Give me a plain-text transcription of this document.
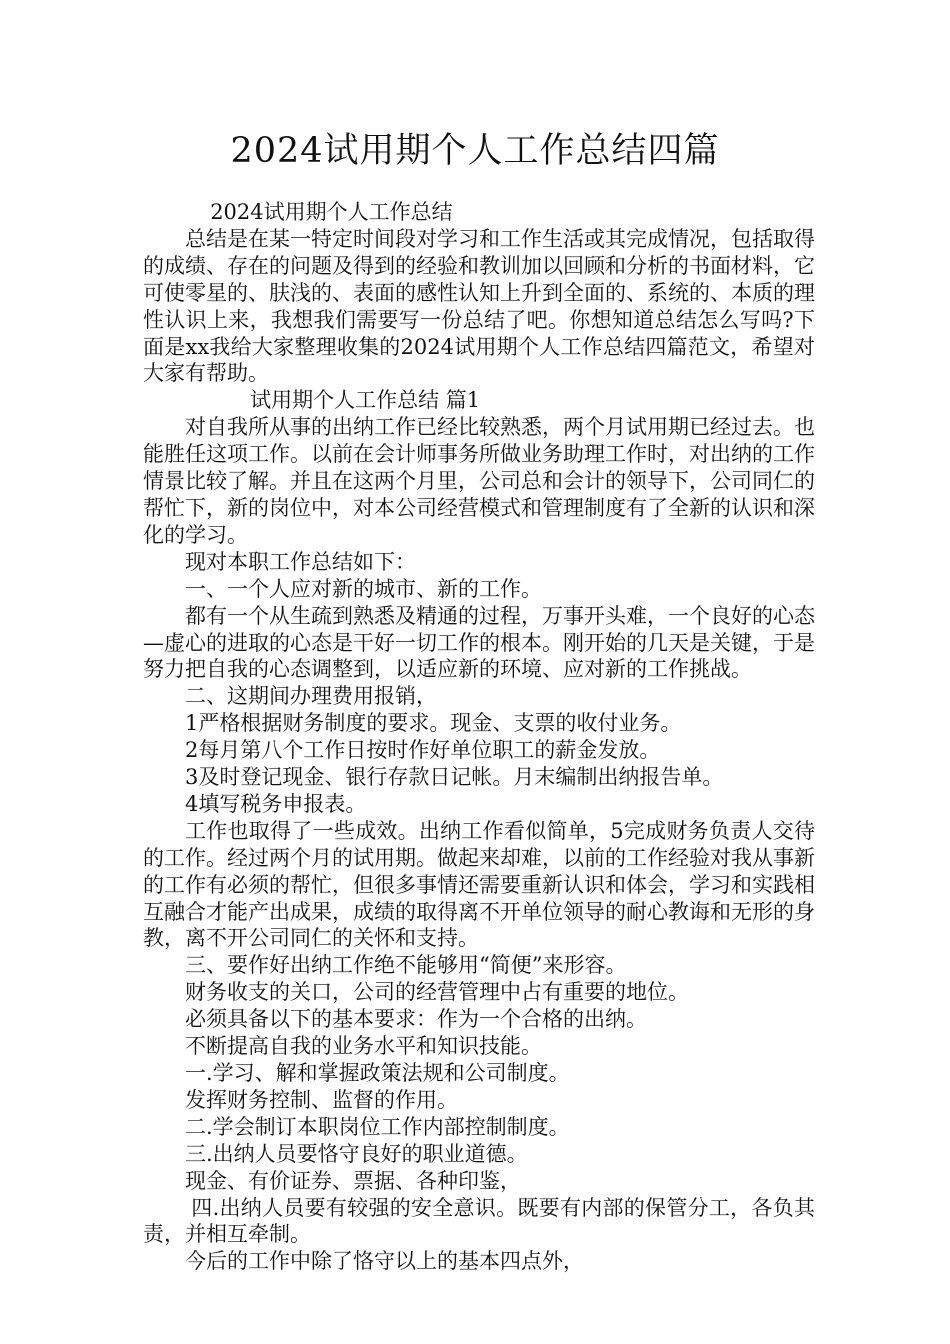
2024试用期个人工作总结四篇

2024试用期个人工作总结

总结是在某一特定时间段对学习和工作生活或其完成情况，包括取得的成绩、存在的问题及得到的经验和教训加以回顾和分析的书面材料，它可使零星的、肤浅的、表面的感性认知上升到全面的、系统的、本质的理性认识上来，我想我们需要写一份总结了吧。你想知道总结怎么写吗?下面是xx我给大家整理收集的2024试用期个人工作总结四篇范文，希望对大家有帮助。

试用期个人工作总结 篇1

对自我所从事的出纳工作已经比较熟悉，两个月试用期已经过去。也能胜任这项工作。以前在会计师事务所做业务助理工作时，对出纳的工作情景比较了解。并且在这两个月里，公司总和会计的领导下，公司同仁的帮忙下，新的岗位中，对本公司经营模式和管理制度有了全新的认识和深化的学习。

现对本职工作总结如下：

一、一个人应对新的城市、新的工作。

都有一个从生疏到熟悉及精通的过程，万事开头难，一个良好的心态—虚心的进取的心态是干好一切工作的根本。刚开始的几天是关键，于是努力把自我的心态调整到，以适应新的环境、应对新的工作挑战。

二、这期间办理费用报销，

1严格根据财务制度的要求。现金、支票的收付业务。

2每月第八个工作日按时作好单位职工的薪金发放。

3及时登记现金、银行存款日记帐。月末编制出纳报告单。

4填写税务申报表。

工作也取得了一些成效。出纳工作看似简单，5完成财务负责人交待的工作。经过两个月的试用期。做起来却难，以前的工作经验对我从事新的工作有必须的帮忙，但很多事情还需要重新认识和体会，学习和实践相互融合才能产出成果，成绩的取得离不开单位领导的耐心教诲和无形的身教，离不开公司同仁的关怀和支持。

三、要作好出纳工作绝不能够用“简便”来形容。

财务收支的关口，公司的经营管理中占有重要的地位。

必须具备以下的基本要求：作为一个合格的出纳。

不断提高自我的业务水平和知识技能。

一.学习、解和掌握政策法规和公司制度。

发挥财务控制、监督的作用。

二.学会制订本职岗位工作内部控制制度。

三.出纳人员要恪守良好的职业道德。

现金、有价证券、票据、各种印鉴，

四.出纳人员要有较强的安全意识。既要有内部的保管分工，各负其责，并相互牵制。

今后的工作中除了恪守以上的基本四点外，
